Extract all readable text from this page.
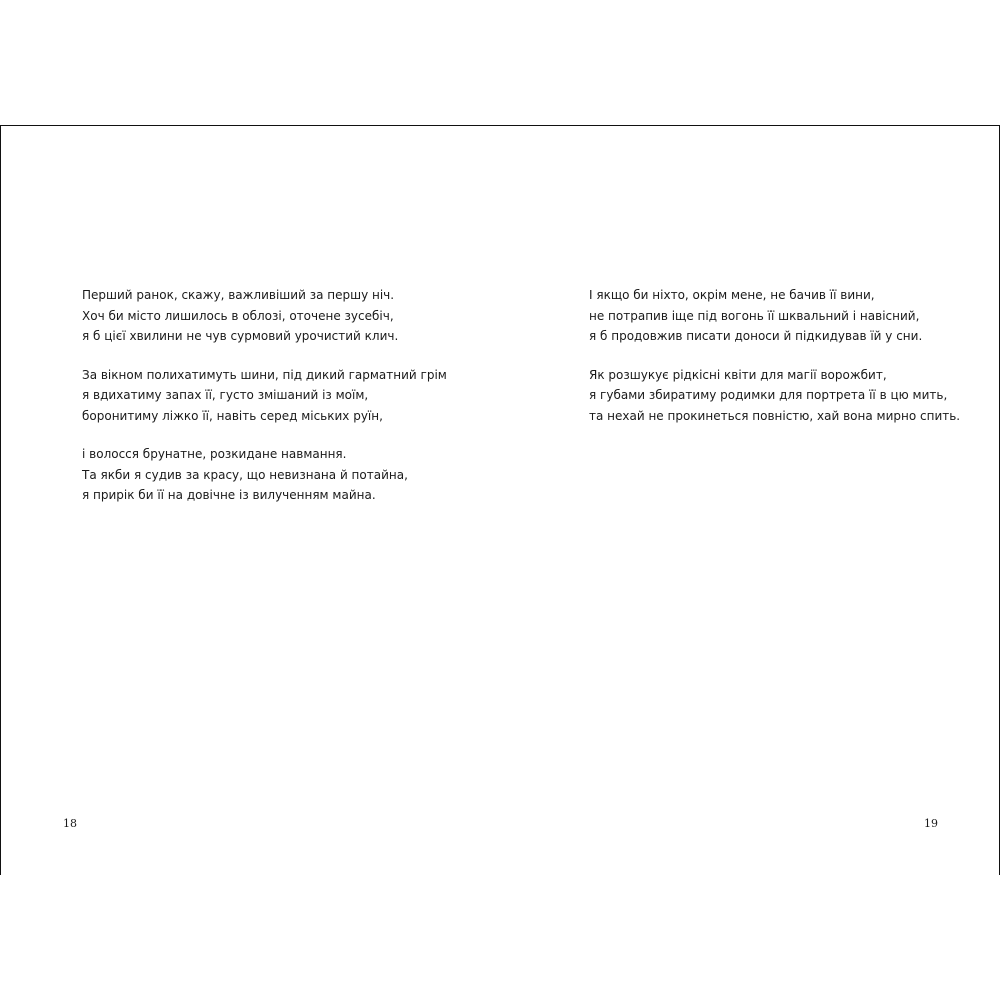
Перший ранок, скажу, важливіший за першу ніч.
Хоч би місто лишилось в облозі, оточене зусебіч,
я б цієї хвилини не чув сурмовий урочистий клич.

За вікном полихатимуть шини, під дикий гарматний грім
я вдихатиму запах її, густо змішаний із моїм,
боронитиму ліжко її, навіть серед міських руїн,

і волосся брунатне, розкидане навмання.
Та якби я судив за красу, що невизнана й потайна,
я прирік би її на довічне із вилученням майна.

18

І якщо би ніхто, окрім мене, не бачив її вини,
не потрапив іще під вогонь її шквальний і навісний,
я б продовжив писати доноси й підкидував їй у сни.

Як розшукує рідкісні квіти для магії ворожбит,
я губами збиратиму родимки для портрета її в цю мить,
та нехай не прокинеться повністю, хай вона мирно спить.

19
